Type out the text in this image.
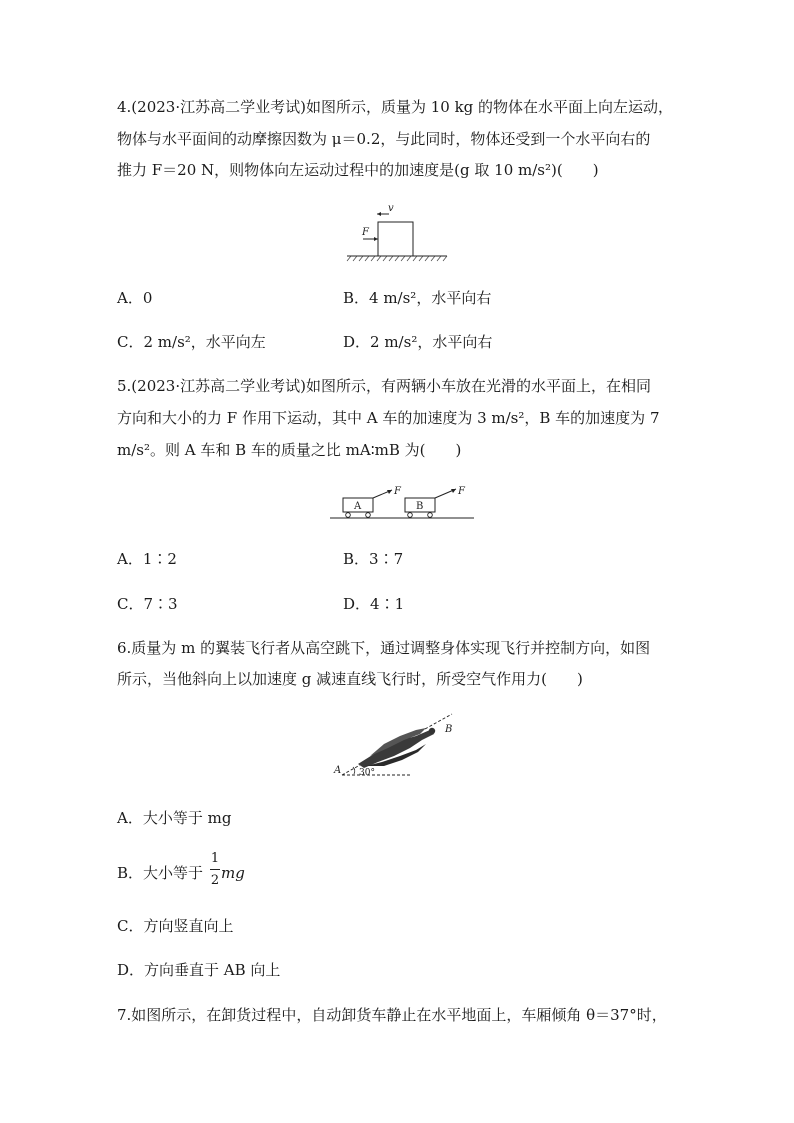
4.(2023·江苏高二学业考试)如图所示，质量为 10 kg 的物体在水平面上向左运动，
物体与水平面间的动摩擦因数为 μ＝0.2，与此同时，物体还受到一个水平向右的
推力 F＝20 N，则物体向左运动过程中的加速度是(g 取 10 m/s²)(　　)
v
F
A．0	B．4 m/s²，水平向右
C．2 m/s²，水平向左	D．2 m/s²，水平向右
5.(2023·江苏高二学业考试)如图所示，有两辆小车放在光滑的水平面上，在相同
方向和大小的力 F 作用下运动，其中 A 车的加速度为 3 m/s²，B 车的加速度为 7
m/s²。则 A 车和 B 车的质量之比 mA∶mB 为(　　)
A
F
B
F
A．1∶2	B．3∶7
C．7∶3	D．4∶1
6.质量为 m 的翼装飞行者从高空跳下，通过调整身体实现飞行并控制方向，如图
所示，当他斜向上以加速度 g 减速直线飞行时，所受空气作用力(　　)
A
B
30°
A．大小等于 mg
B．大小等于
1
2 mg
C．方向竖直向上
D．方向垂直于 AB 向上
7.如图所示，在卸货过程中，自动卸货车静止在水平地面上，车厢倾角 θ＝37°时，
